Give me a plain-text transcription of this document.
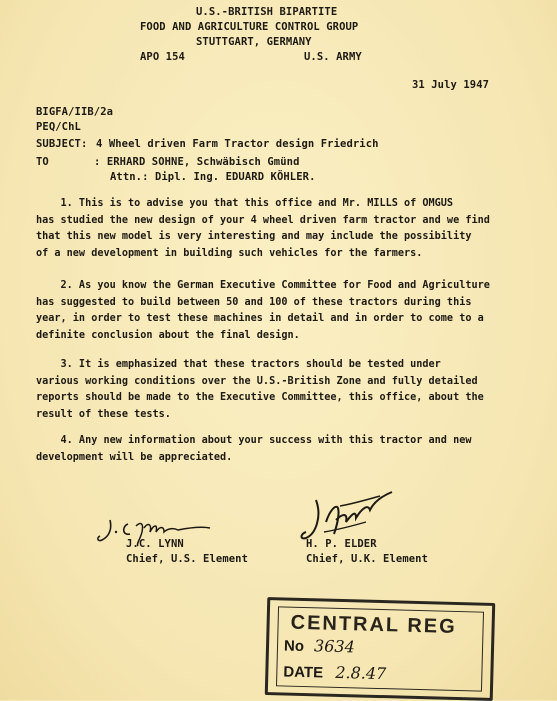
U.S.-BRITISH BIPARTITE
FOOD AND AGRICULTURE CONTROL GROUP
STUTTGART, GERMANY
APO 154	U.S. ARMY
31 July 1947
BIGFA/IIB/2a
PEQ/ChL
SUBJECT: 4 Wheel driven Farm Tractor design Friedrich
TO	: ERHARD SOHNE, Schwäbisch Gmünd
Attn.: Dipl. Ing. EDUARD KÖHLER.
1. This is to advise you that this office and Mr. MILLS of OMGUS
has studied the new design of your 4 wheel driven farm tractor and we find
that this new model is very interesting and may include the possibility
of a new development in building such vehicles for the farmers.
2. As you know the German Executive Committee for Food and Agriculture
has suggested to build between 50 and 100 of these tractors during this
year, in order to test these machines in detail and in order to come to a
definite conclusion about the final design.
3. It is emphasized that these tractors should be tested under
various working conditions over the U.S.-British Zone and fully detailed
reports should be made to the Executive Committee, this office, about the
result of these tests.
4. Any new information about your success with this tractor and new
development will be appreciated.
J.C. LYNN
Chief, U.S. Element
H. P. ELDER
Chief, U.K. Element
CENTRAL REG
No 3634
DATE 2.8.47
